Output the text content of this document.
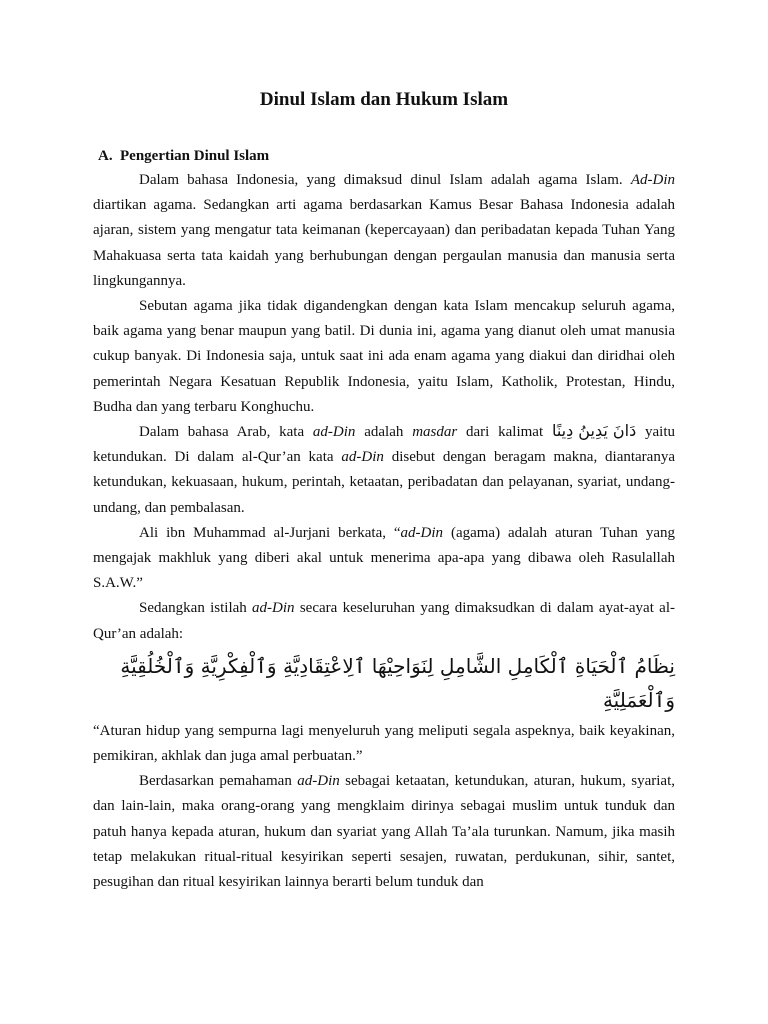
Dinul Islam dan Hukum Islam
A. Pengertian Dinul Islam

Dalam bahasa Indonesia, yang dimaksud dinul Islam adalah agama Islam. Ad-Din diartikan agama. Sedangkan arti agama berdasarkan Kamus Besar Bahasa Indonesia adalah ajaran, sistem yang mengatur tata keimanan (kepercayaan) dan peribadatan kepada Tuhan Yang Mahakuasa serta tata kaidah yang berhubungan dengan pergaulan manusia dan manusia serta lingkungannya.

Sebutan agama jika tidak digandengkan dengan kata Islam mencakup seluruh agama, baik agama yang benar maupun yang batil. Di dunia ini, agama yang dianut oleh umat manusia cukup banyak. Di Indonesia saja, untuk saat ini ada enam agama yang diakui dan diridhai oleh pemerintah Negara Kesatuan Republik Indonesia, yaitu Islam, Katholik, Protestan, Hindu, Budha dan yang terbaru Konghuchu.

Dalam bahasa Arab, kata ad-Din adalah masdar dari kalimat دَانَ يَدِينُ دِينًا yaitu ketundukan. Di dalam al-Qur’an kata ad-Din disebut dengan beragam makna, diantaranya ketundukan, kekuasaan, hukum, perintah, ketaatan, peribadatan dan pelayanan, syariat, undang-undang, dan pembalasan.

Ali ibn Muhammad al-Jurjani berkata, “ad-Din (agama) adalah aturan Tuhan yang mengajak makhluk yang diberi akal untuk menerima apa-apa yang dibawa oleh Rasulallah S.A.W.”

Sedangkan istilah ad-Din secara keseluruhan yang dimaksudkan di dalam ayat-ayat al-Qur’an adalah:

نِظَامُ ٱلْحَيَاةِ ٱلْكَامِلِ الشَّامِلِ لِنَوَاحِيْهَا ٱلِاعْتِقَادِيَّةِ وَٱلْفِكْرِيَّةِ وَٱلْخُلُقِيَّةِ
وَٱلْعَمَلِيَّةِ

“Aturan hidup yang sempurna lagi menyeluruh yang meliputi segala aspeknya, baik keyakinan, pemikiran, akhlak dan juga amal perbuatan.”

Berdasarkan pemahaman ad-Din sebagai ketaatan, ketundukan, aturan, hukum, syariat, dan lain-lain, maka orang-orang yang mengklaim dirinya sebagai muslim untuk tunduk dan patuh hanya kepada aturan, hukum dan syariat yang Allah Ta’ala turunkan. Namum, jika masih tetap melakukan ritual-ritual kesyirikan seperti sesajen, ruwatan, perdukunan, sihir, santet, pesugihan dan ritual kesyirikan lainnya berarti belum tunduk dan
